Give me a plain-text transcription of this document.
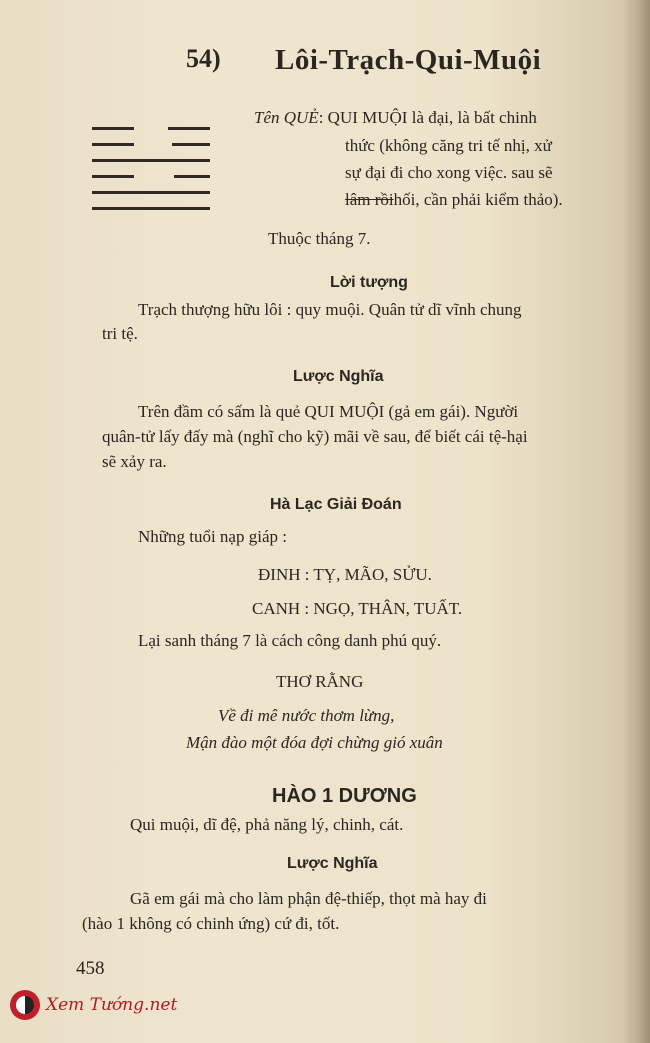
54) Lôi-Trạch-Qui-Muội
Tên QUẺ: QUI MUỘI là đại, là bất chinh
thức (không căng tri tế nhị, xử
sự đại đi cho xong việc. sau sẽ
lâm rồihối, cần phải kiểm thảo).
Thuộc tháng 7.
Lời tượng
Trạch thượng hữu lôi : quy muội. Quân tử dĩ vĩnh chung
tri tệ.
Lược Nghĩa
Trên đầm có sấm là quẻ QUI MUỘI (gả em gái). Người
quân-tử lấy đấy mà (nghĩ cho kỹ) mãi về sau, để biết cái tệ-hại
sẽ xảy ra.
Hà Lạc Giải Đoán
Những tuổi nạp giáp :
ĐINH : TỴ, MÃO, SỬU.
CANH : NGỌ, THÂN, TUẤT.
Lại sanh tháng 7 là cách công danh phú quý.
THƠ RẰNG
Về đi mê nước thơm lừng,
Mận đào một đóa đợi chừng gió xuân
HÀO 1 DƯƠNG
Qui muội, dĩ đệ, phả năng lý, chinh, cát.
Lược Nghĩa
Gã em gái mà cho làm phận đệ-thiếp, thọt mà hay đi
(hào 1 không có chinh ứng) cứ đi, tốt.
458
Xem Tướng.net
